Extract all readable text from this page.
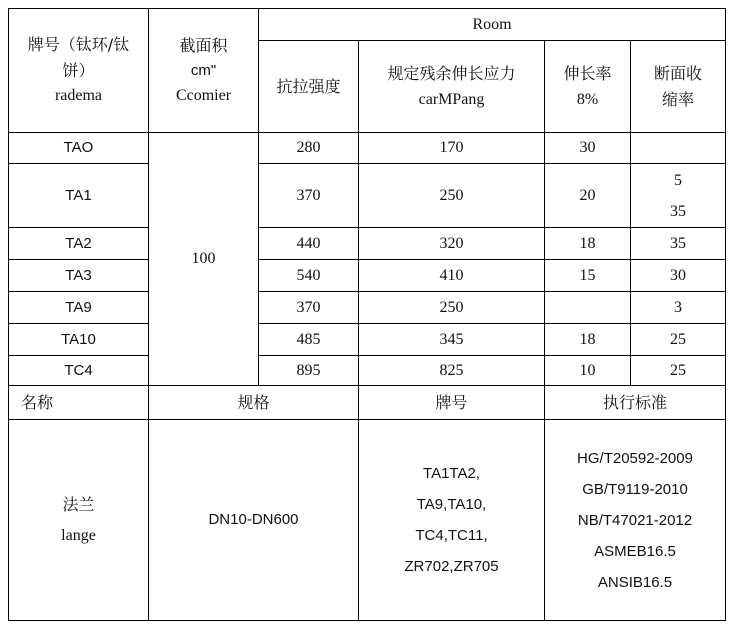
牌号（钛环/钛
饼）
radema	截面积
cm"
Ccomier	Room			
		抗拉强度	规定残余伸长应力
carMPang	伸长率
8%	断面收
缩率

TAO	100	280	170	30	
TA1		370	250	20	5
35

TA2		440	320	18	35
TA3		540	410	15	30
TA9		370	250		3
TA10		485	345	18	25
TC4		895	825	10	25
名称	规格		牌号	执行标准	

法兰
lange	DN10-DN600		TA1TA2,
TA9,TA10,
TC4,TC11,
ZR702,ZR705	HG/T20592-2009
GB/T9119-2010
NB/T47021-2012
ASMEB16.5
ANSIB16.5	
